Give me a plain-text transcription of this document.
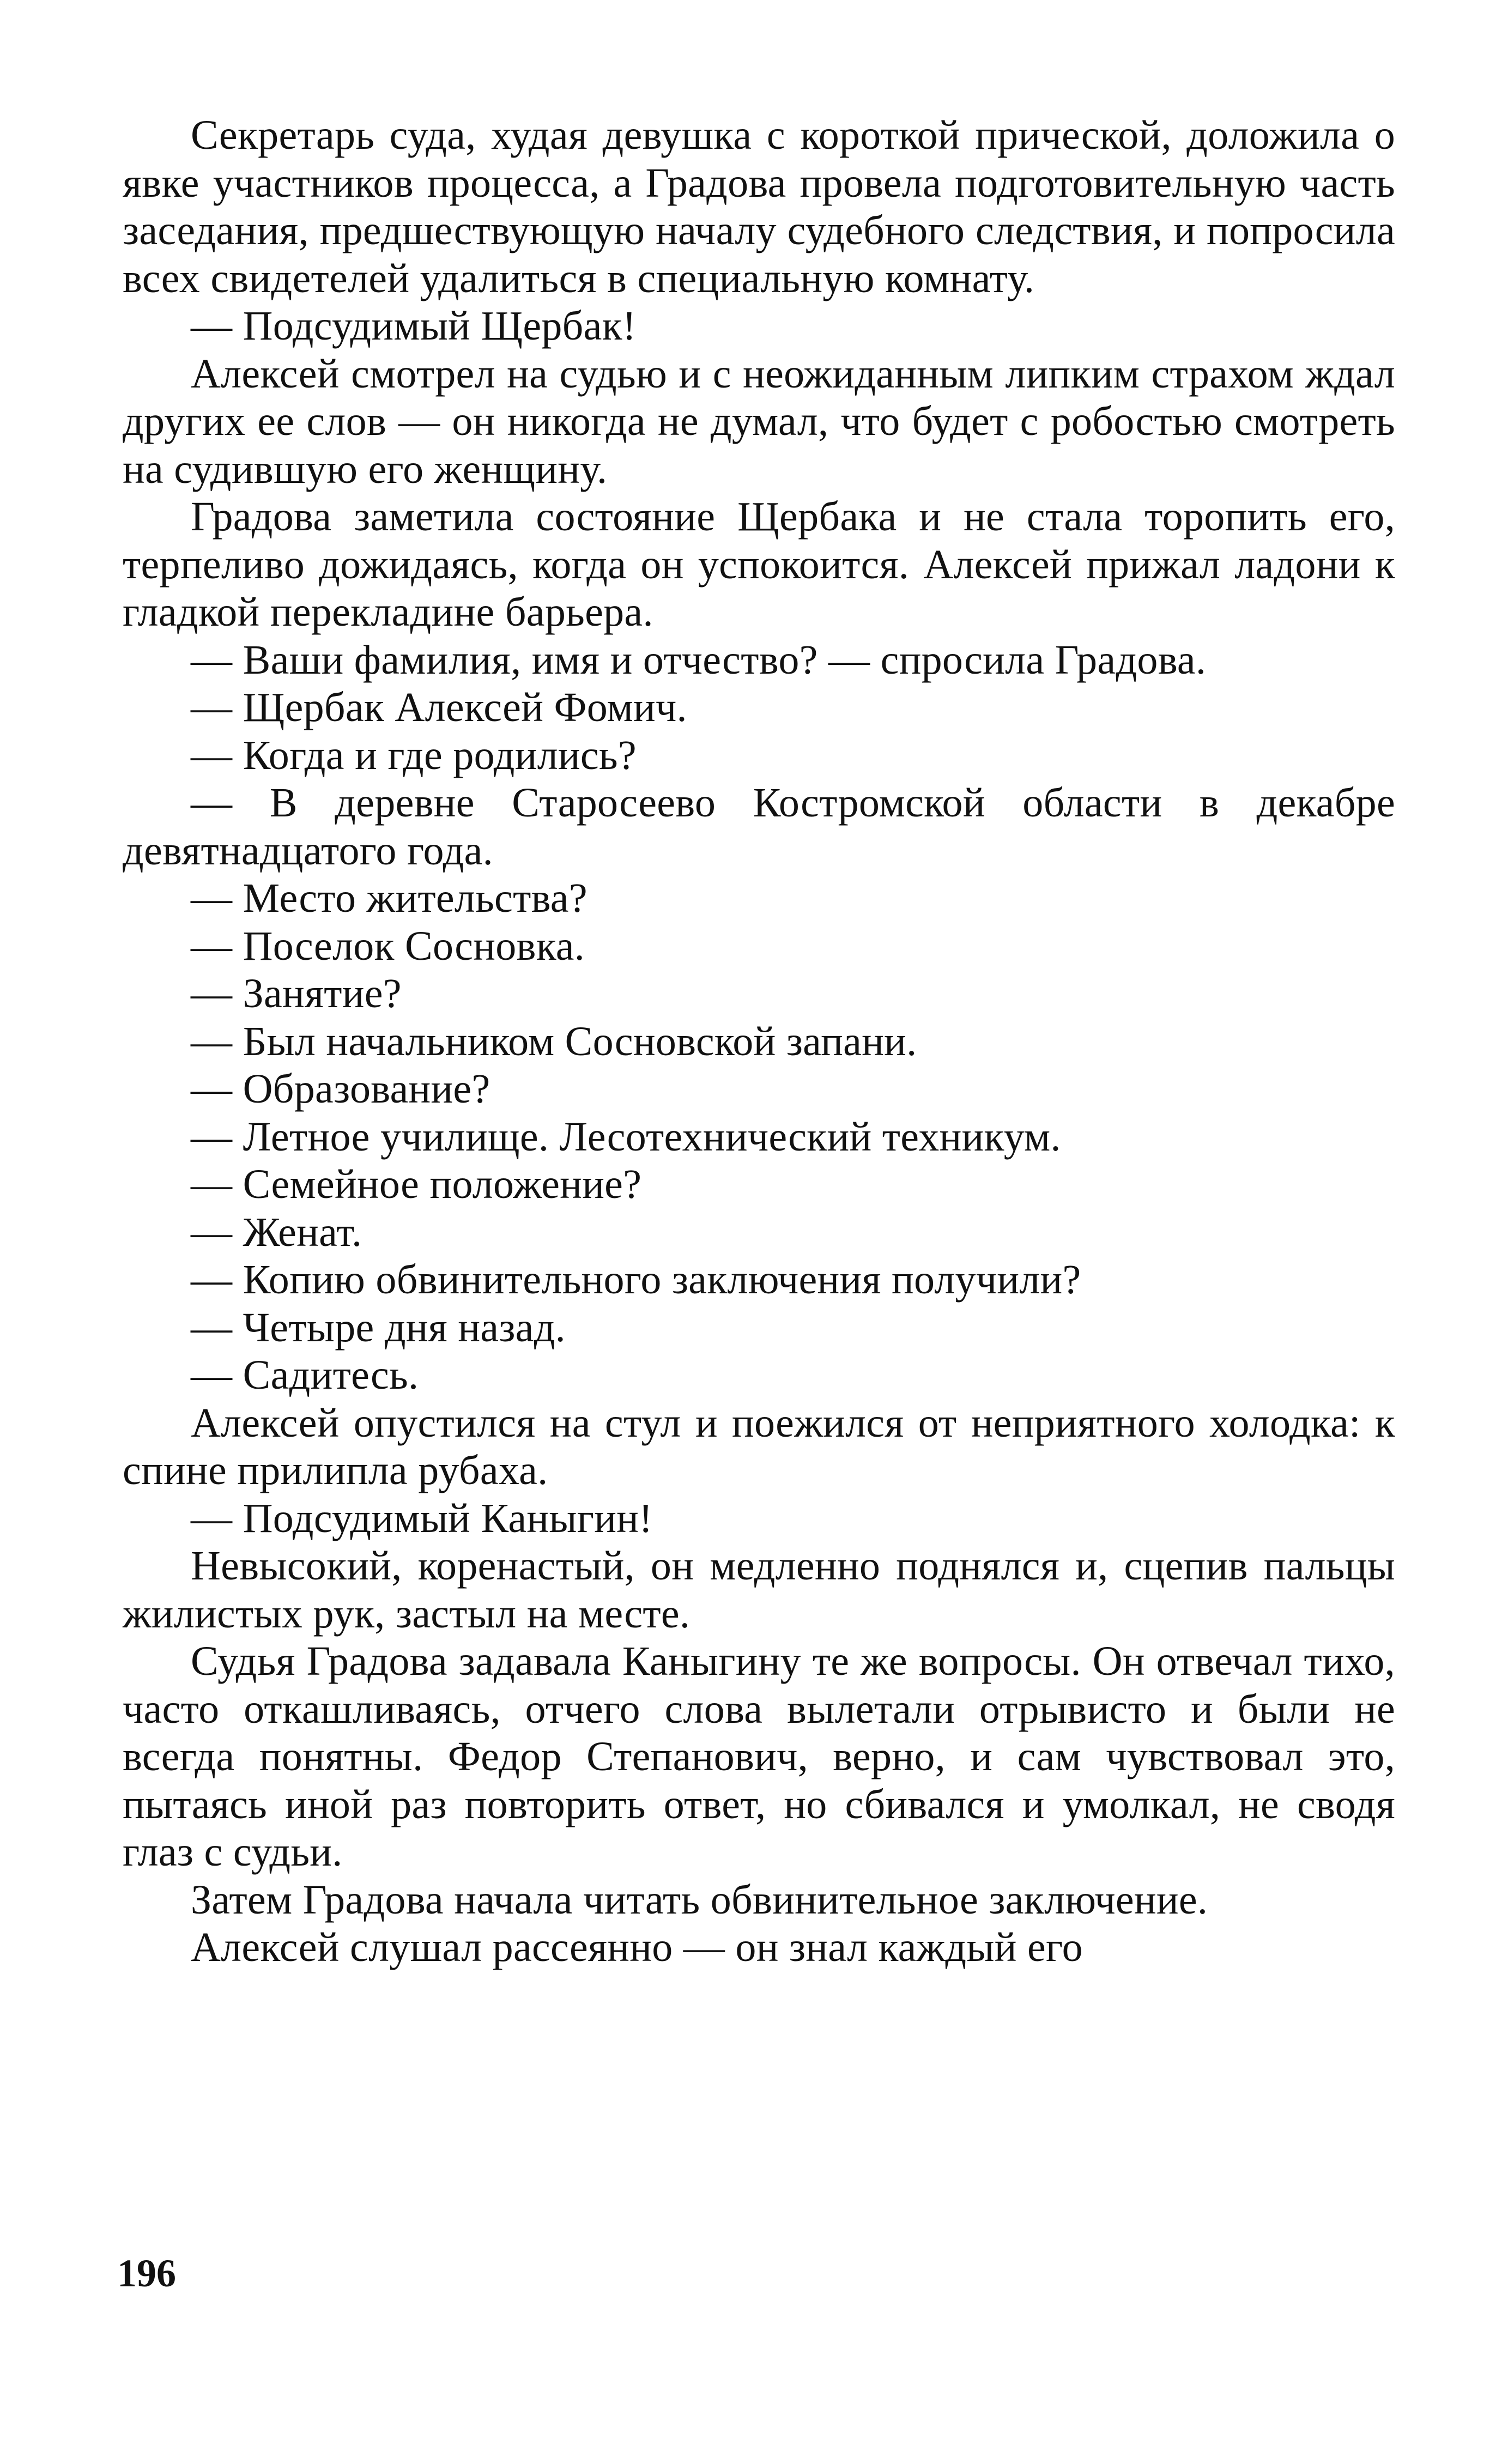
Секретарь суда, худая девушка с короткой прической, доложила о явке участников процесса, а Градова провела подготовительную часть заседания, предшествующую началу судебного следствия, и попросила всех свидетелей удалиться в специальную комнату.

— Подсудимый Щербак!

Алексей смотрел на судью и с неожиданным липким страхом ждал других ее слов — он никогда не думал, что будет с робостью смотреть на судившую его женщину.

Градова заметила состояние Щербака и не стала торопить его, терпеливо дожидаясь, когда он успокоится. Алексей прижал ладони к гладкой перекладине барьера.

— Ваши фамилия, имя и отчество? — спросила Градова.

— Щербак Алексей Фомич.

— Когда и где родились?

— В деревне Старосеево Костромской области в декабре девятнадцатого года.

— Место жительства?

— Поселок Сосновка.

— Занятие?

— Был начальником Сосновской запани.

— Образование?

— Летное училище. Лесотехнический техникум.

— Семейное положение?

— Женат.

— Копию обвинительного заключения получили?

— Четыре дня назад.

— Садитесь.

Алексей опустился на стул и поежился от неприятного холодка: к спине прилипла рубаха.

— Подсудимый Каныгин!

Невысокий, коренастый, он медленно поднялся и, сцепив пальцы жилистых рук, застыл на месте.

Судья Градова задавала Каныгину те же вопросы. Он отвечал тихо, часто откашливаясь, отчего слова вылетали отрывисто и были не всегда понятны. Федор Степанович, верно, и сам чувствовал это, пытаясь иной раз повторить ответ, но сбивался и умолкал, не сводя глаз с судьи.

Затем Градова начала читать обвинительное заключение.

Алексей слушал рассеянно — он знал каждый его

196
